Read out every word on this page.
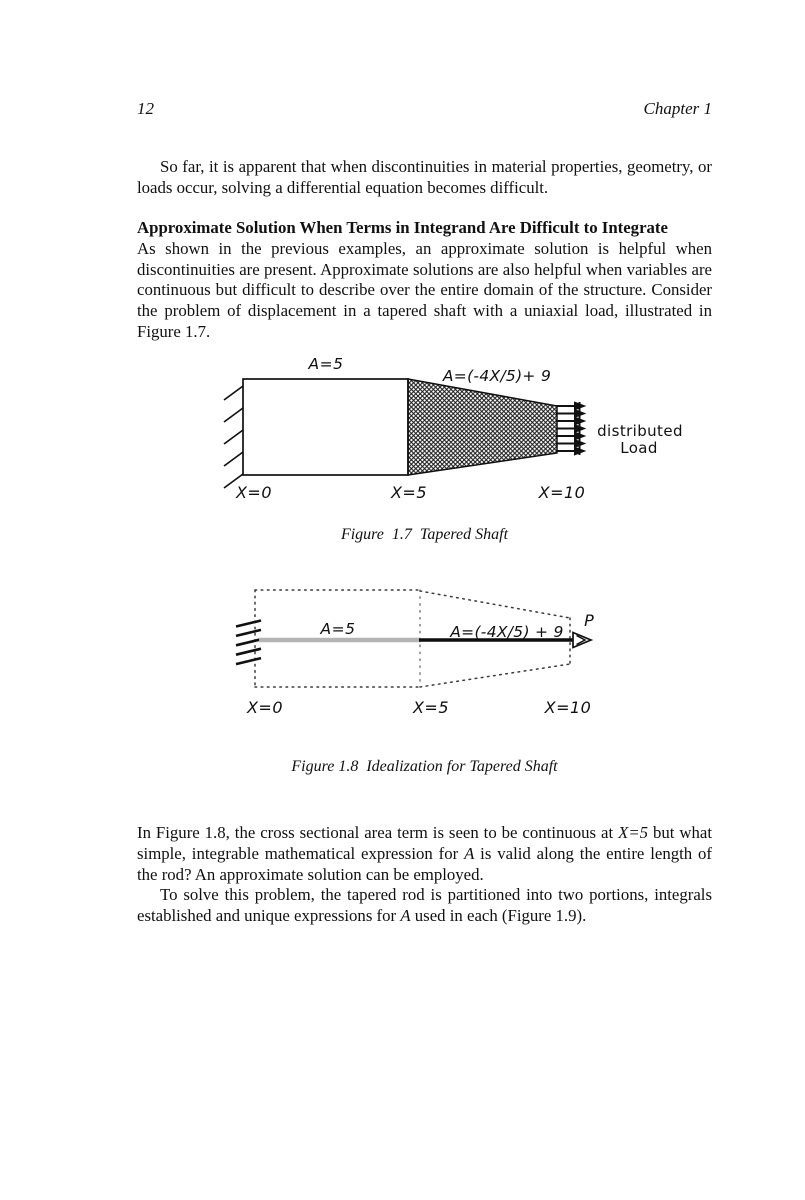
12	Chapter 1

So far, it is apparent that when discontinuities in material properties, geometry, or loads occur, solving a differential equation becomes difficult.

Approximate Solution When Terms in Integrand Are Difficult to Integrate

As shown in the previous examples, an approximate solution is helpful when discontinuities are present. Approximate solutions are also helpful when variables are continuous but difficult to describe over the entire domain of the structure. Consider the problem of displacement in a tapered shaft with a uniaxial load, illustrated in Figure 1.7.

A=5
A=(-4X/5)+ 9
X=0	X=5	X=10
distributed
Load
Figure  1.7  Tapered Shaft
A=5	A=(-4X/5) + 9
P
X=0	X=5	X=10
Figure 1.8  Idealization for Tapered Shaft

In Figure 1.8, the cross sectional area term is seen to be continuous at X=5 but what simple, integrable mathematical expression for A is valid along the entire length of the rod? An approximate solution can be employed.

To solve this problem, the tapered rod is partitioned into two portions, integrals established and unique expressions for A used in each (Figure 1.9).
